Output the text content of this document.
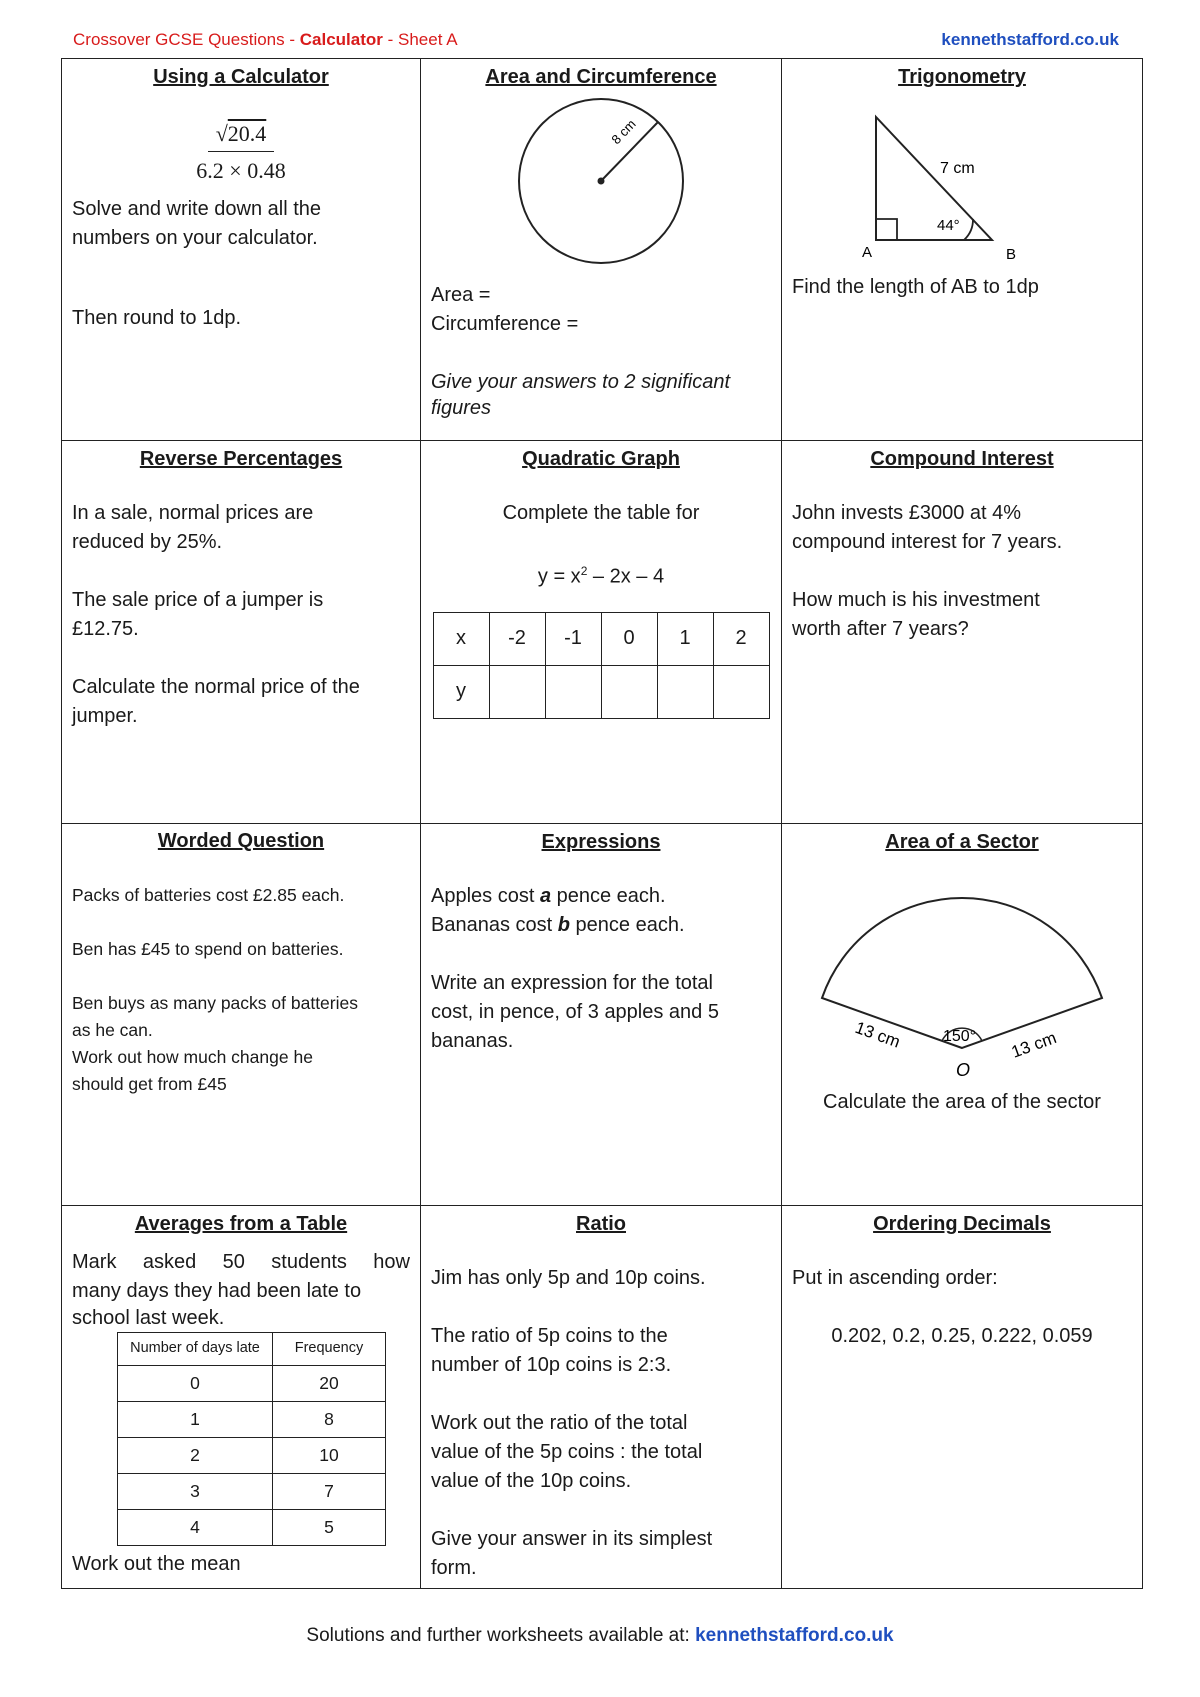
Crossover GCSE Questions - Calculator - Sheet A	kennethstafford.co.uk
Using a Calculator
√20.4
6.2 × 0.48

Solve and write down all the

numbers on your calculator.

Then round to 1dp.

Area and Circumference
8 cm

Area =

Circumference =

Give your answers to 2 significant

figures

Trigonometry
7 cm
44°
A	B

Find the length of AB to 1dp

Reverse Percentages

In a sale, normal prices are

reduced by 25%.

The sale price of a jumper is

£12.75.

Calculate the normal price of the

jumper.

Quadratic Graph

Complete the table for

$y = x^2 - 2x - 4$

x	-2	-1	0	1	2
y					
Compound Interest

John invests £3000 at 4%

compound interest for 7 years.

How much is his investment

worth after 7 years?

Worded Question

Packs of batteries cost £2.85 each.

Ben has £45 to spend on batteries.

Ben buys as many packs of batteries

as he can.

Work out how much change he

should get from £45

Expressions

Apples cost a pence each.

Bananas cost b pence each.

Write an expression for the total

cost, in pence, of 3 apples and 5

bananas.

Area of a Sector
13 cm	13 cm
150°
O

Calculate the area of the sector

Averages from a Table

Mark asked 50 students how

many days they had been late to

school last week.

Number of days late	Frequency
0	20
1	8
2	10
3	7
4	5

Work out the mean

Ratio

Jim has only 5p and 10p coins.

The ratio of 5p coins to the

number of 10p coins is 2:3.

Work out the ratio of the total

value of the 5p coins : the total

value of the 10p coins.

Give your answer in its simplest

form.

Ordering Decimals

Put in ascending order:

0.202, 0.2, 0.25, 0.222, 0.059

Solutions and further worksheets available at: kennethstafford.co.uk
